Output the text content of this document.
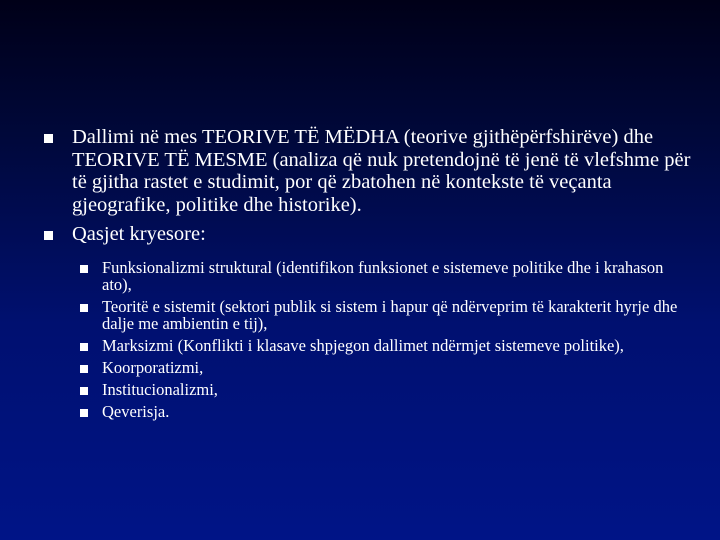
Dallimi në mes TEORIVE TË MËDHA (teorive gjithëpërfshirëve) dhe TEORIVE TË MESME (analiza që nuk pretendojnë të jenë të vlefshme për të gjitha rastet e studimit, por që zbatohen në kontekste të veçanta gjeografike, politike dhe historike).
Qasjet kryesore:
Funksionalizmi struktural (identifikon funksionet e sistemeve politike dhe i krahason ato),
Teoritë e sistemit (sektori publik si sistem i hapur që ndërveprim të karakterit hyrje dhe dalje me ambientin e tij),
Marksizmi (Konflikti i klasave shpjegon dallimet ndërmjet sistemeve politike),
Koorporatizmi,
Institucionalizmi,
Qeverisja.
